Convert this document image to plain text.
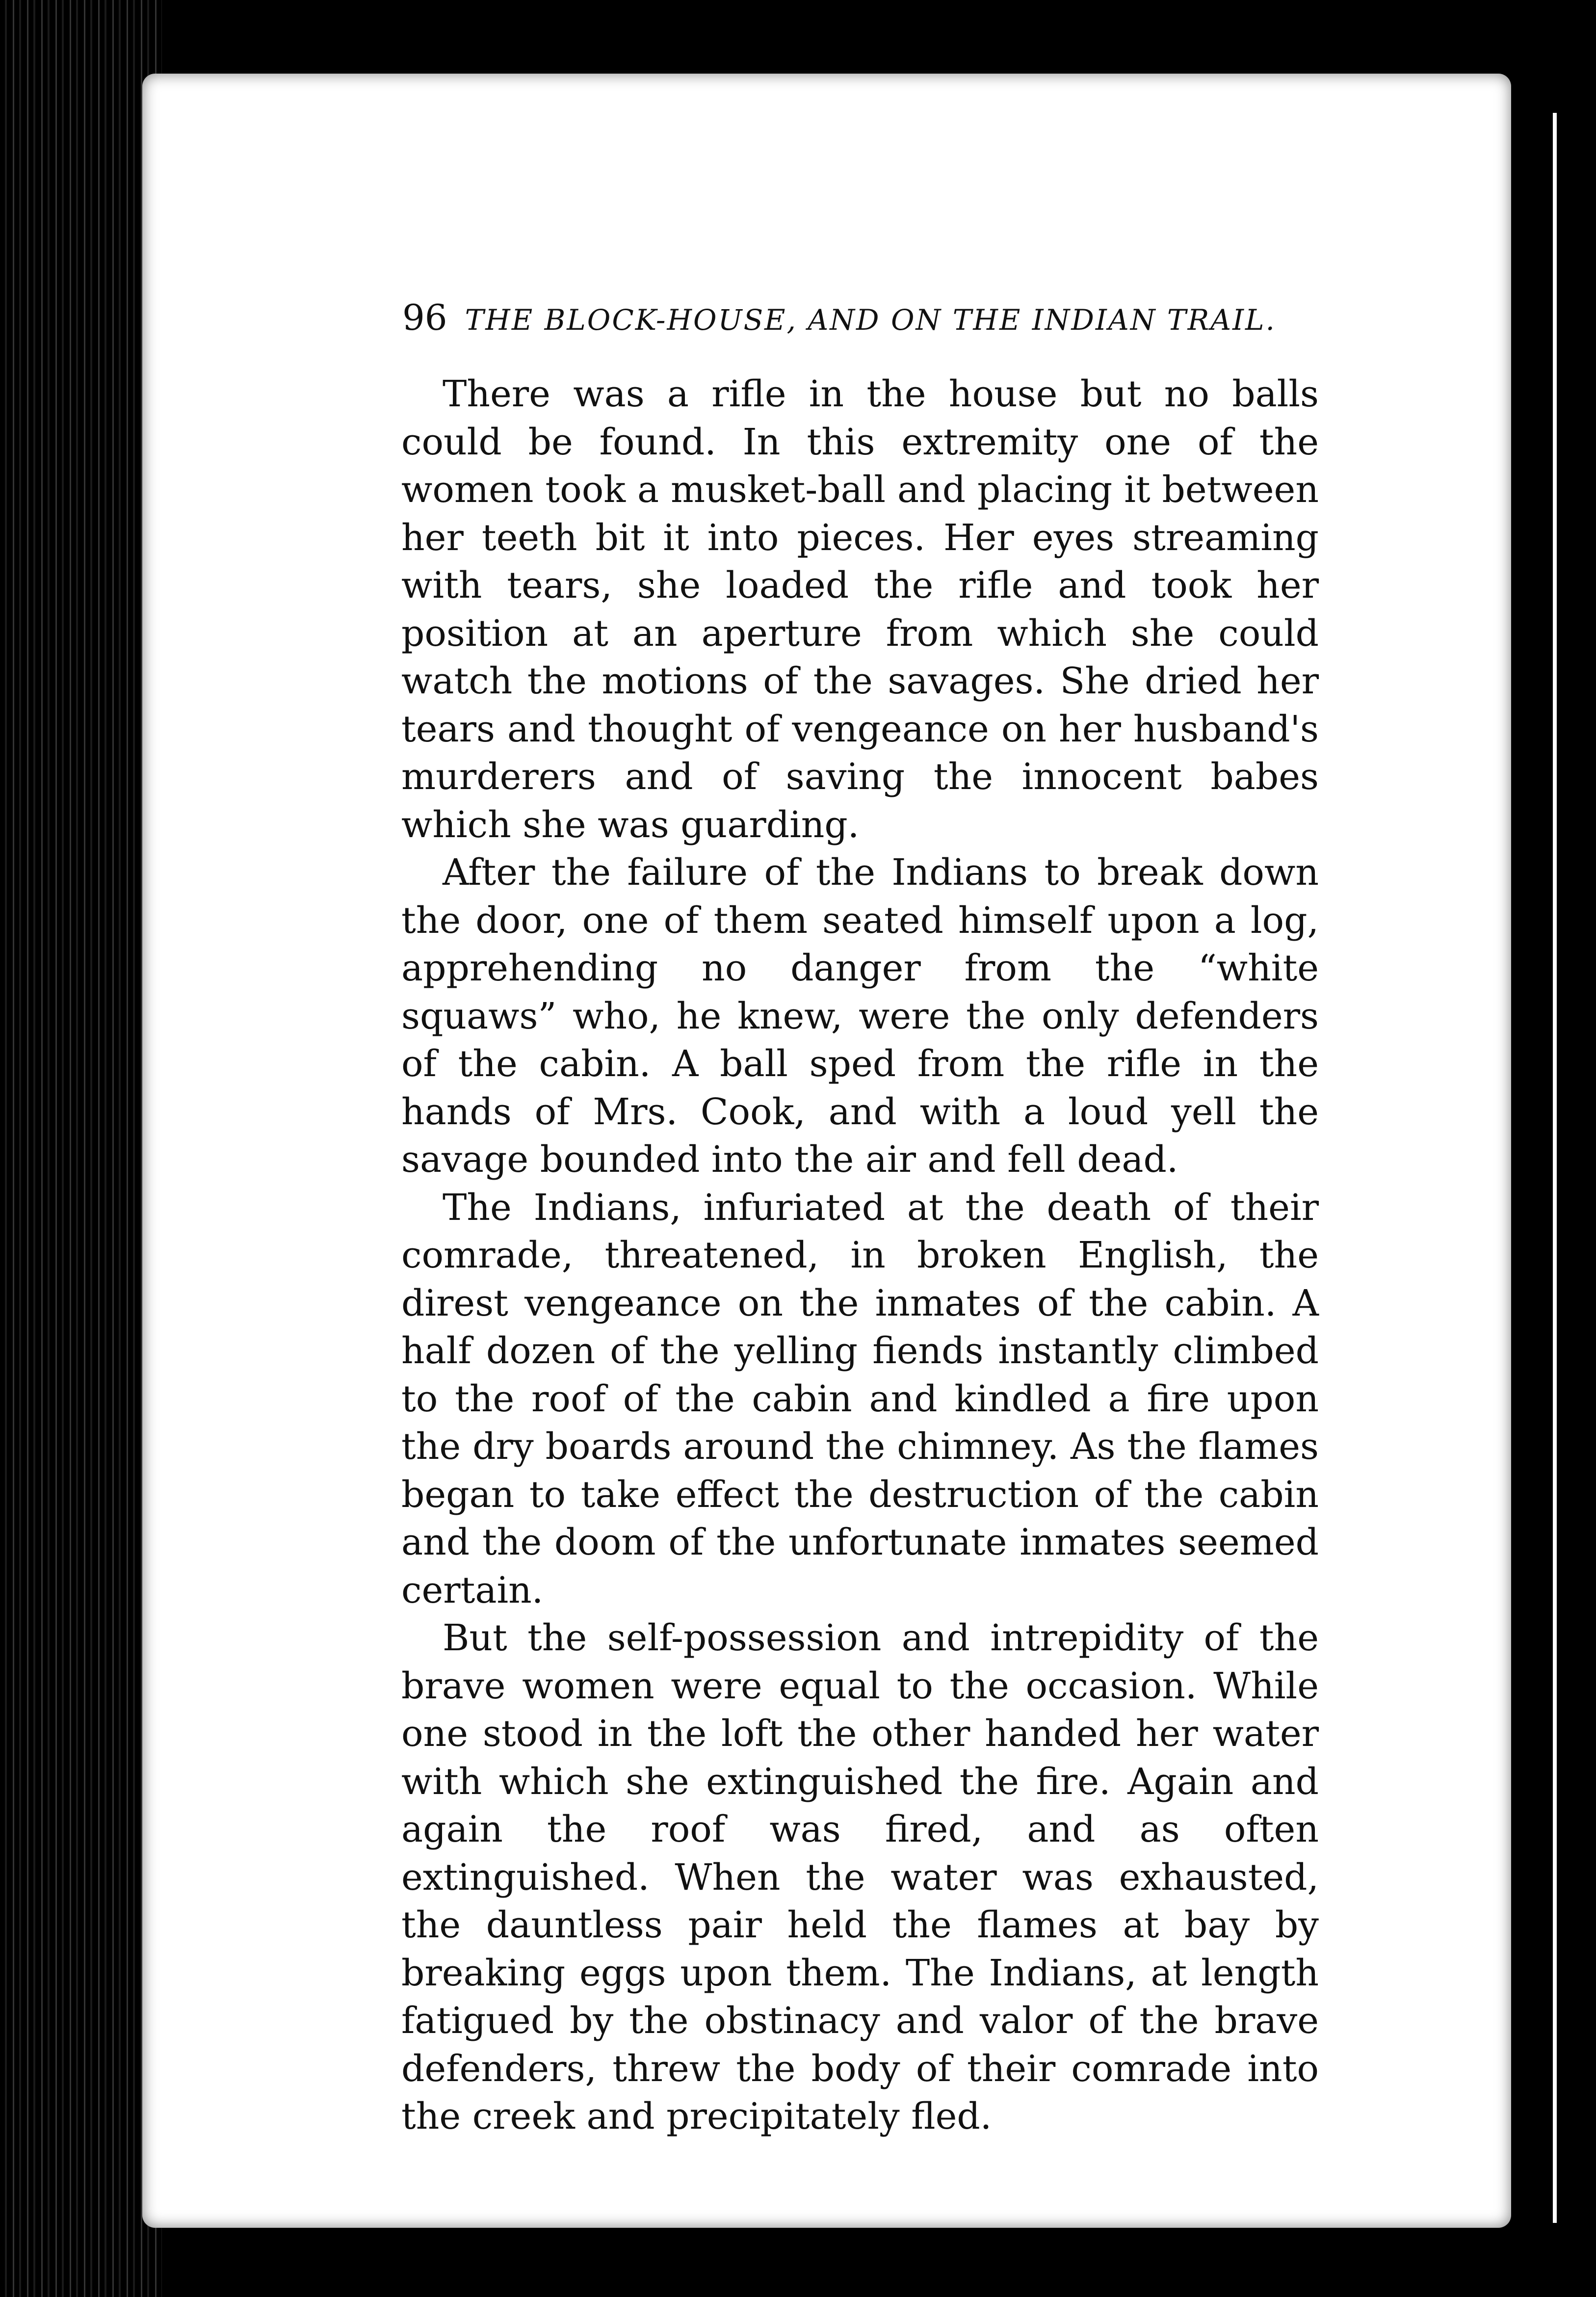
96 THE BLOCK-HOUSE, AND ON THE INDIAN TRAIL.

There was a rifle in the house but no balls could be found. In this extremity one of the women took a musket-ball and placing it between her teeth bit it into pieces. Her eyes streaming with tears, she loaded the rifle and took her position at an aperture from which she could watch the motions of the savages. She dried her tears and thought of vengeance on her husband's murderers and of saving the innocent babes which she was guarding.

After the failure of the Indians to break down the door, one of them seated himself upon a log, apprehending no danger from the “white squaws” who, he knew, were the only defenders of the cabin. A ball sped from the rifle in the hands of Mrs. Cook, and with a loud yell the savage bounded into the air and fell dead.

The Indians, infuriated at the death of their comrade, threatened, in broken English, the direst vengeance on the inmates of the cabin. A half dozen of the yelling fiends instantly climbed to the roof of the cabin and kindled a fire upon the dry boards around the chimney. As the flames began to take effect the destruction of the cabin and the doom of the unfortunate inmates seemed certain.

But the self-possession and intrepidity of the brave women were equal to the occasion. While one stood in the loft the other handed her water with which she extinguished the fire. Again and again the roof was fired, and as often extinguished. When the water was exhausted, the dauntless pair held the flames at bay by breaking eggs upon them. The Indians, at length fatigued by the obstinacy and valor of the brave defenders, threw the body of their comrade into the creek and precipitately fled.
